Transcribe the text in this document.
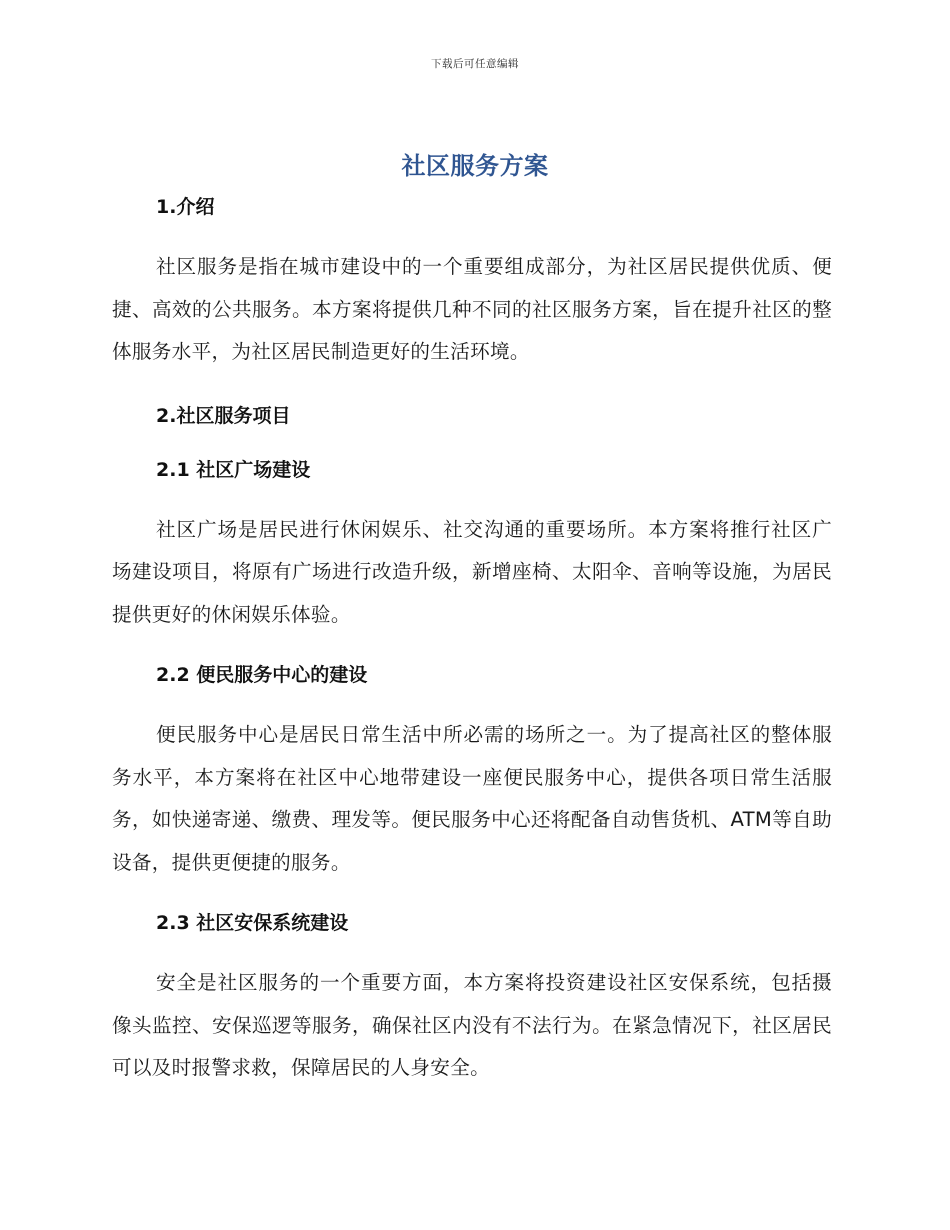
下载后可任意编辑
社区服务方案
1.介绍

社区服务是指在城市建设中的一个重要组成部分，为社区居民提供优质、便捷、高效的公共服务。本方案将提供几种不同的社区服务方案，旨在提升社区的整体服务水平，为社区居民制造更好的生活环境。

2.社区服务项目
2.1 社区广场建设

社区广场是居民进行休闲娱乐、社交沟通的重要场所。本方案将推行社区广场建设项目，将原有广场进行改造升级，新增座椅、太阳伞、音响等设施，为居民提供更好的休闲娱乐体验。

2.2 便民服务中心的建设

便民服务中心是居民日常生活中所必需的场所之一。为了提高社区的整体服务水平，本方案将在社区中心地带建设一座便民服务中心，提供各项日常生活服务，如快递寄递、缴费、理发等。便民服务中心还将配备自动售货机、ATM等自助设备，提供更便捷的服务。

2.3 社区安保系统建设

安全是社区服务的一个重要方面，本方案将投资建设社区安保系统，包括摄像头监控、安保巡逻等服务，确保社区内没有不法行为。在紧急情况下，社区居民可以及时报警求救，保障居民的人身安全。
